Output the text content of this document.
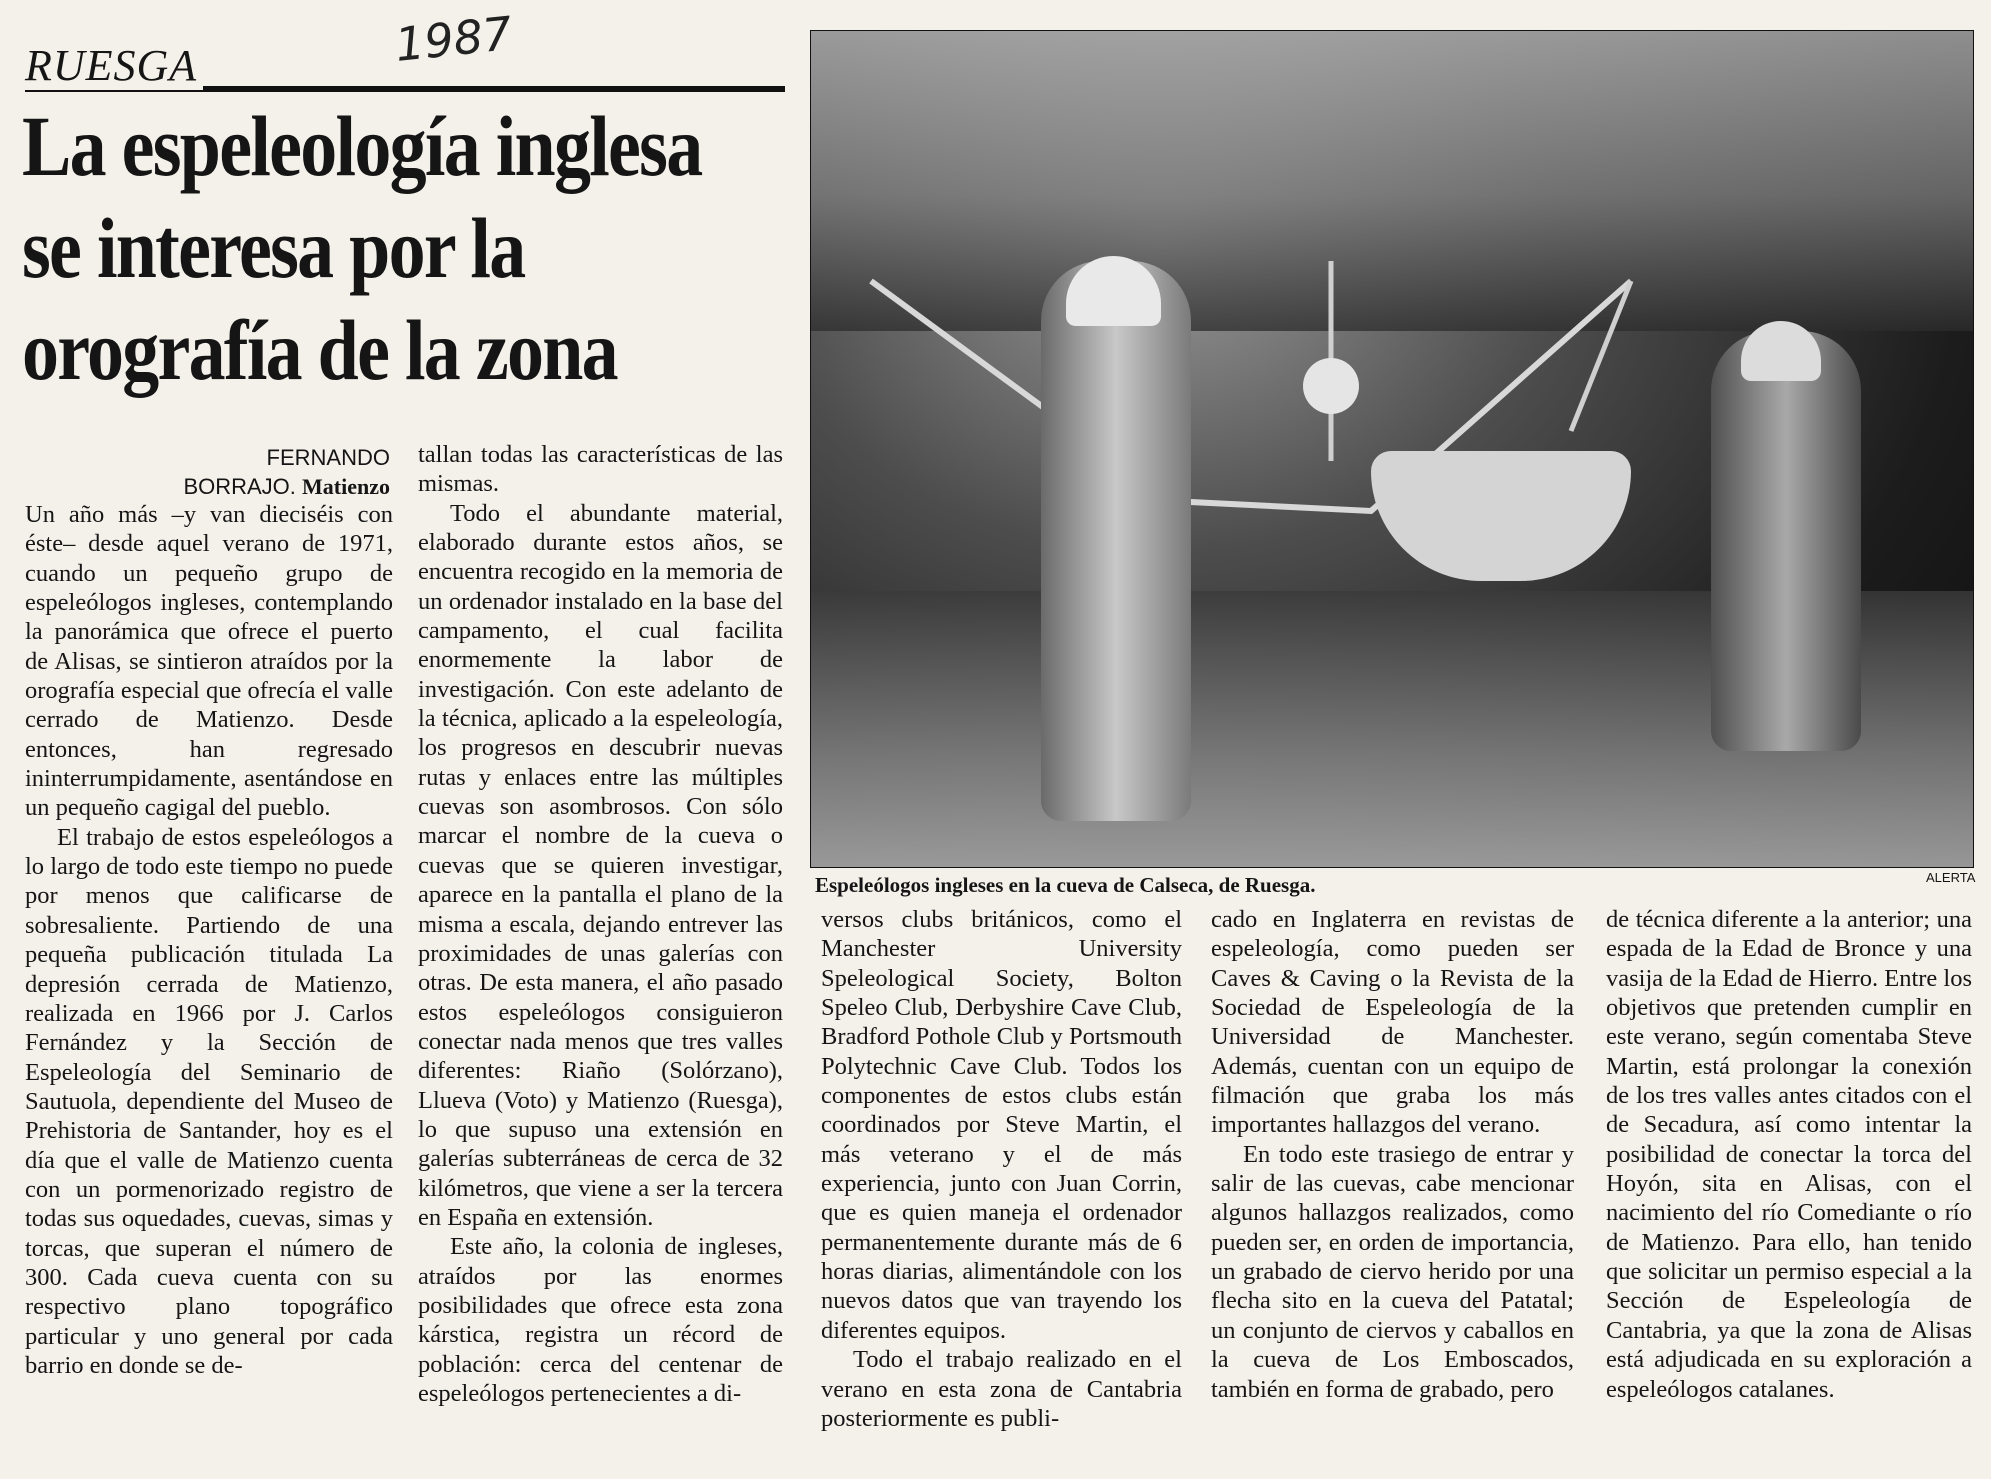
1987
RUESGA
La espeleología inglesa
se interesa por la
orografía de la zona
Espeleólogos ingleses en la cueva de Calseca, de Ruesga.	ALERTA
FERNANDO
BORRAJO. Matienzo

Un año más –y van dieciséis con éste– desde aquel verano de 1971, cuando un pequeño grupo de espeleólogos ingleses, contemplando la panorámica que ofrece el puerto de Alisas, se sintieron atraídos por la orografía especial que ofrecía el valle cerrado de Matienzo. Desde entonces, han regresado ininterrumpidamente, asentándose en un pequeño cagigal del pueblo.

El trabajo de estos espeleólogos a lo largo de todo este tiempo no puede por menos que calificarse de sobresaliente. Partiendo de una pequeña publicación titulada La depresión cerrada de Matienzo, realizada en 1966 por J. Carlos Fernández y la Sección de Espeleología del Seminario de Sautuola, dependiente del Museo de Prehistoria de Santander, hoy es el día que el valle de Matienzo cuenta con un pormenorizado registro de todas sus oquedades, cuevas, simas y torcas, que superan el número de 300. Cada cueva cuenta con su respectivo plano topográfico particular y uno general por cada barrio en donde se de-

tallan todas las características de las mismas.

Todo el abundante material, elaborado durante estos años, se encuentra recogido en la memoria de un ordenador instalado en la base del campamento, el cual facilita enormemente la labor de investigación. Con este adelanto de la técnica, aplicado a la espeleología, los progresos en descubrir nuevas rutas y enlaces entre las múltiples cuevas son asombrosos. Con sólo marcar el nombre de la cueva o cuevas que se quieren investigar, aparece en la pantalla el plano de la misma a escala, dejando entrever las proximidades de unas galerías con otras. De esta manera, el año pasado estos espeleólogos consiguieron conectar nada menos que tres valles diferentes: Riaño (Solórzano), Llueva (Voto) y Matienzo (Ruesga), lo que supuso una extensión en galerías subterráneas de cerca de 32 kilómetros, que viene a ser la tercera en España en extensión.

Este año, la colonia de ingleses, atraídos por las enormes posibilidades que ofrece esta zona kárstica, registra un récord de población: cerca del centenar de espeleólogos pertenecientes a di-

versos clubs británicos, como el Manchester University Speleological Society, Bolton Speleo Club, Derbyshire Cave Club, Bradford Pothole Club y Portsmouth Polytechnic Cave Club. Todos los componentes de estos clubs están coordinados por Steve Martin, el más veterano y el de más experiencia, junto con Juan Corrin, que es quien maneja el ordenador permanentemente durante más de 6 horas diarias, alimentándole con los nuevos datos que van trayendo los diferentes equipos.

Todo el trabajo realizado en el verano en esta zona de Cantabria posteriormente es publi-

cado en Inglaterra en revistas de espeleología, como pueden ser Caves & Caving o la Revista de la Sociedad de Espeleología de la Universidad de Manchester. Además, cuentan con un equipo de filmación que graba los más importantes hallazgos del verano.

En todo este trasiego de entrar y salir de las cuevas, cabe mencionar algunos hallazgos realizados, como pueden ser, en orden de importancia, un grabado de ciervo herido por una flecha sito en la cueva del Patatal; un conjunto de ciervos y caballos en la cueva de Los Emboscados, también en forma de grabado, pero

de técnica diferente a la anterior; una espada de la Edad de Bronce y una vasija de la Edad de Hierro. Entre los objetivos que pretenden cumplir en este verano, según comentaba Steve Martin, está prolongar la conexión de los tres valles antes citados con el de Secadura, así como intentar la posibilidad de conectar la torca del Hoyón, sita en Alisas, con el nacimiento del río Comediante o río de Matienzo. Para ello, han tenido que solicitar un permiso especial a la Sección de Espeleología de Cantabria, ya que la zona de Alisas está adjudicada en su exploración a espeleólogos catalanes.
